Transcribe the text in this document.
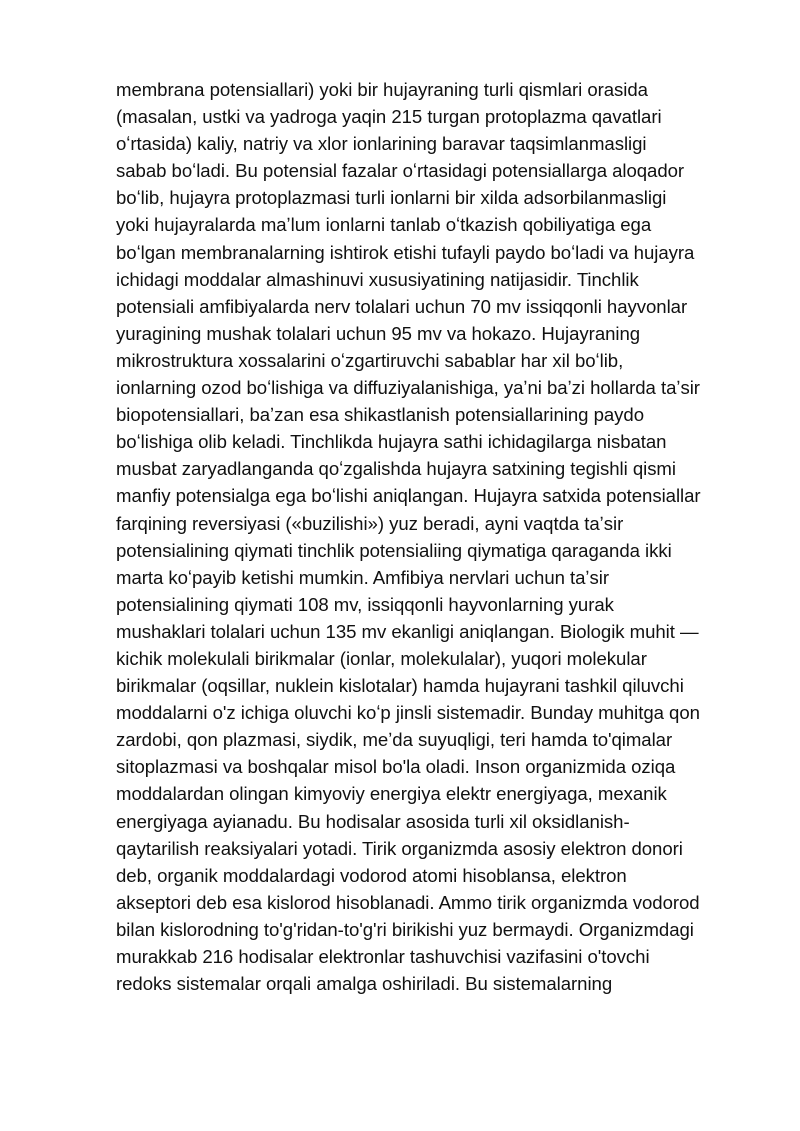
membrana potensiallari) yoki bir hujayraning turli qismlari orasida
(masalan, ustki va yadroga yaqin 215 turgan protoplazma qavatlari
oʻrtasida) kaliy, natriy va xlor ionlarining baravar taqsimlanmasligi
sabab boʻladi. Bu potensial fazalar oʻrtasidagi potensiallarga aloqador
boʻlib, hujayra protoplazmasi turli ionlarni bir xilda adsorbilanmasligi
yoki hujayralarda maʼlum ionlarni tanlab oʻtkazish qobiliyatiga ega
boʻlgan membranalarning ishtirok etishi tufayli paydo boʻladi va hujayra
ichidagi moddalar almashinuvi xususiyatining natijasidir. Tinchlik
potensiali amfibiyalarda nerv tolalari uchun 70 mv issiqqonli hayvonlar
yuragining mushak tolalari uchun 95 mv va hokazo. Hujayraning
mikrostruktura xossalarini oʻzgartiruvchi sabablar har xil boʻlib,
ionlarning ozod boʻlishiga va diffuziyalanishiga, yaʼni baʼzi hollarda taʼsir
biopotensiallari, baʼzan esa shikastlanish potensiallarining paydo
boʻlishiga olib keladi. Tinchlikda hujayra sathi ichidagilarga nisbatan
musbat zaryadlanganda qoʻzgalishda hujayra satxining tegishli qismi
manfiy potensialga ega boʻlishi aniqlangan. Hujayra satxida potensiallar
farqining reversiyasi («buzilishi») yuz beradi, ayni vaqtda taʼsir
potensialining qiymati tinchlik potensialiing qiymatiga qaraganda ikki
marta koʻpayib ketishi mumkin. Amfibiya nervlari uchun taʼsir
potensialining qiymati 108 mv, issiqqonli hayvonlarning yurak
mushaklari tolalari uchun 135 mv ekanligi aniqlangan. Biologik muhit —
kichik molekulali birikmalar (ionlar, molekulalar), yuqori molekular
birikmalar (oqsillar, nuklein kislotalar) hamda hujayrani tashkil qiluvchi
moddalarni o'z ichiga oluvchi koʻp jinsli sistemadir. Bunday muhitga qon
zardobi, qon plazmasi, siydik, meʼda suyuqligi, teri hamda to'qimalar
sitoplazmasi va boshqalar misol bo'la oladi. Inson organizmida oziqa
moddalardan olingan kimyoviy energiya elektr energiyaga, mexanik
energiyaga ayianadu. Bu hodisalar asosida turli xil oksidlanish-
qaytarilish reaksiyalari yotadi. Tirik organizmda asosiy elektron donori
deb, organik moddalardagi vodorod atomi hisoblansa, elektron
akseptori deb esa kislorod hisoblanadi. Ammo tirik organizmda vodorod
bilan kislorodning to'g'ridan-to'g'ri birikishi yuz bermaydi. Organizmdagi
murakkab 216 hodisalar elektronlar tashuvchisi vazifasini o'tovchi
redoks sistemalar orqali amalga oshiriladi. Bu sistemalarning
